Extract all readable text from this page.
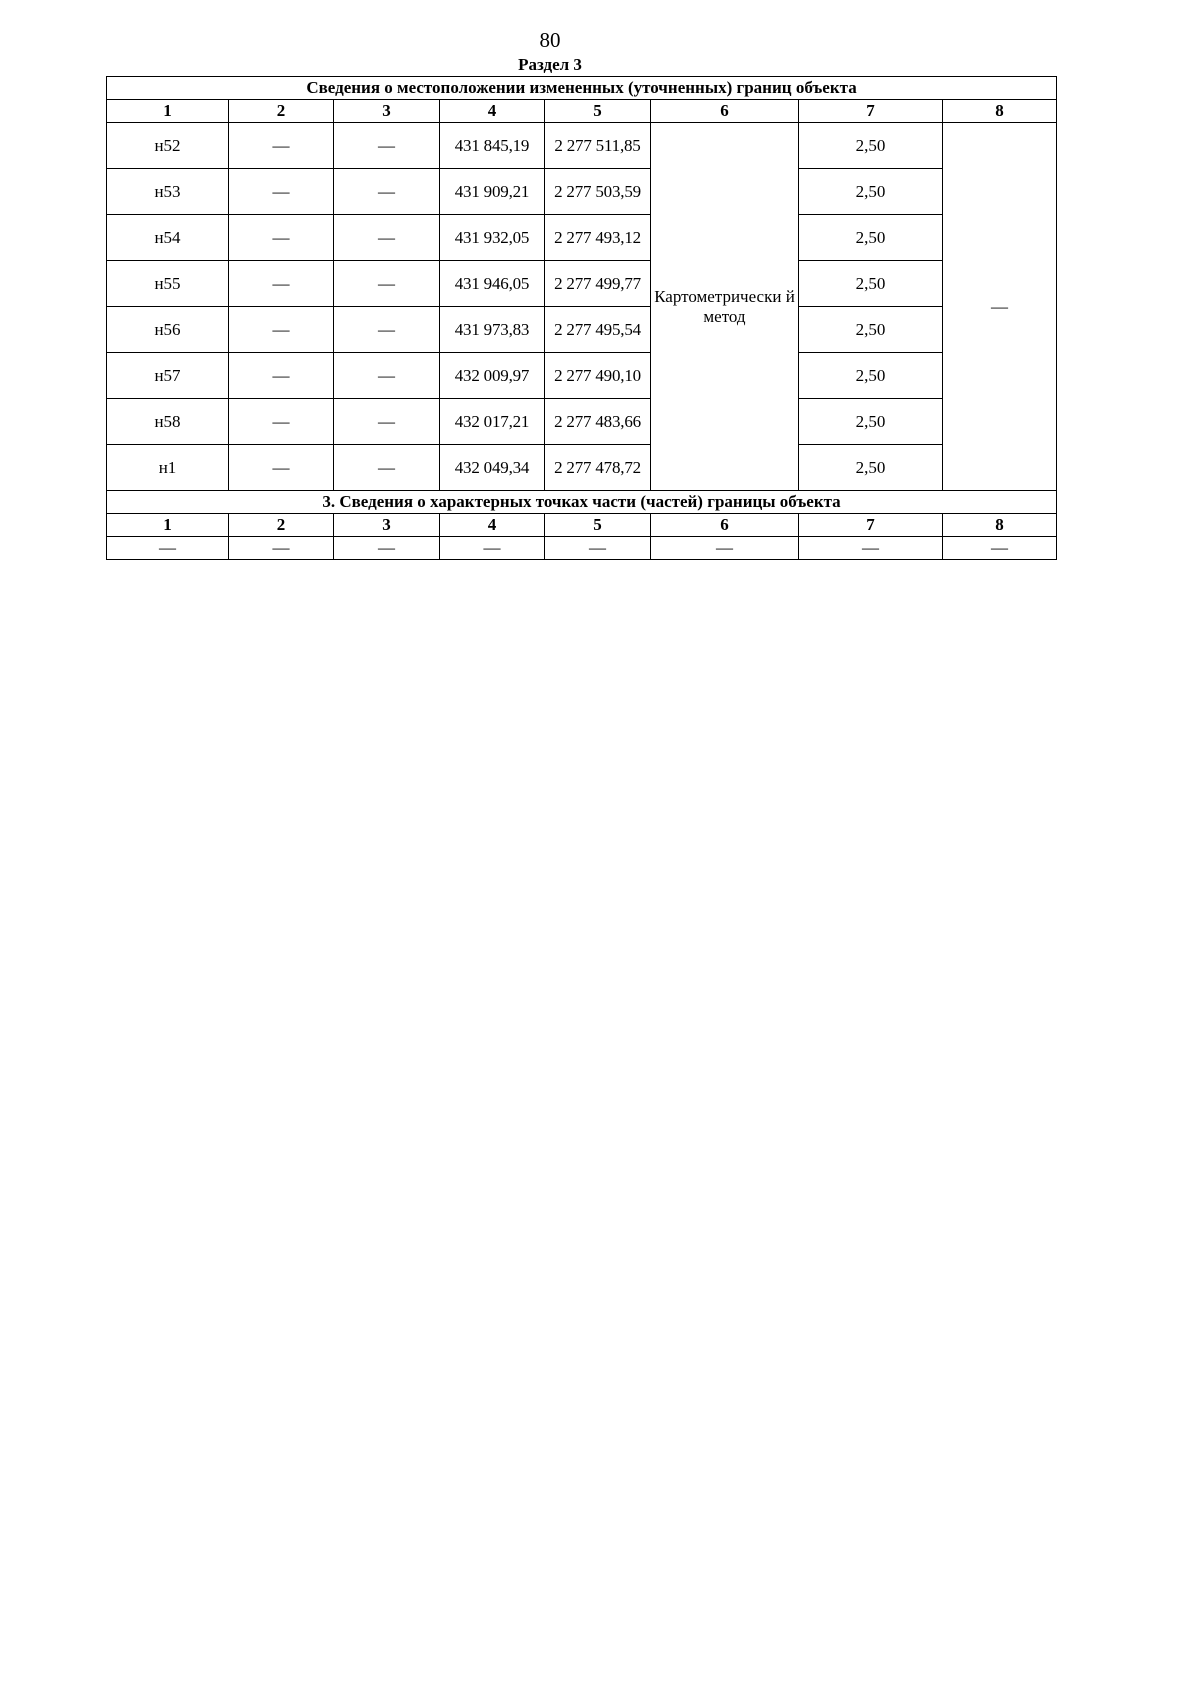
80
Раздел 3
Сведения о местоположении измененных (уточненных) границ объекта							
1	2	3	4	5	6	7	8
н52	—	—	431 845,19	2 277 511,85	Картометрически й метод	2,50	—
н53	—	—	431 909,21	2 277 503,59		2,50	
н54	—	—	431 932,05	2 277 493,12		2,50	
н55	—	—	431 946,05	2 277 499,77		2,50	
н56	—	—	431 973,83	2 277 495,54		2,50	
н57	—	—	432 009,97	2 277 490,10		2,50	
н58	—	—	432 017,21	2 277 483,66		2,50	
н1	—	—	432 049,34	2 277 478,72		2,50	
3. Сведения о характерных точках части (частей) границы объекта							
1	2	3	4	5	6	7	8
—	—	—	—	—	—	—	—
